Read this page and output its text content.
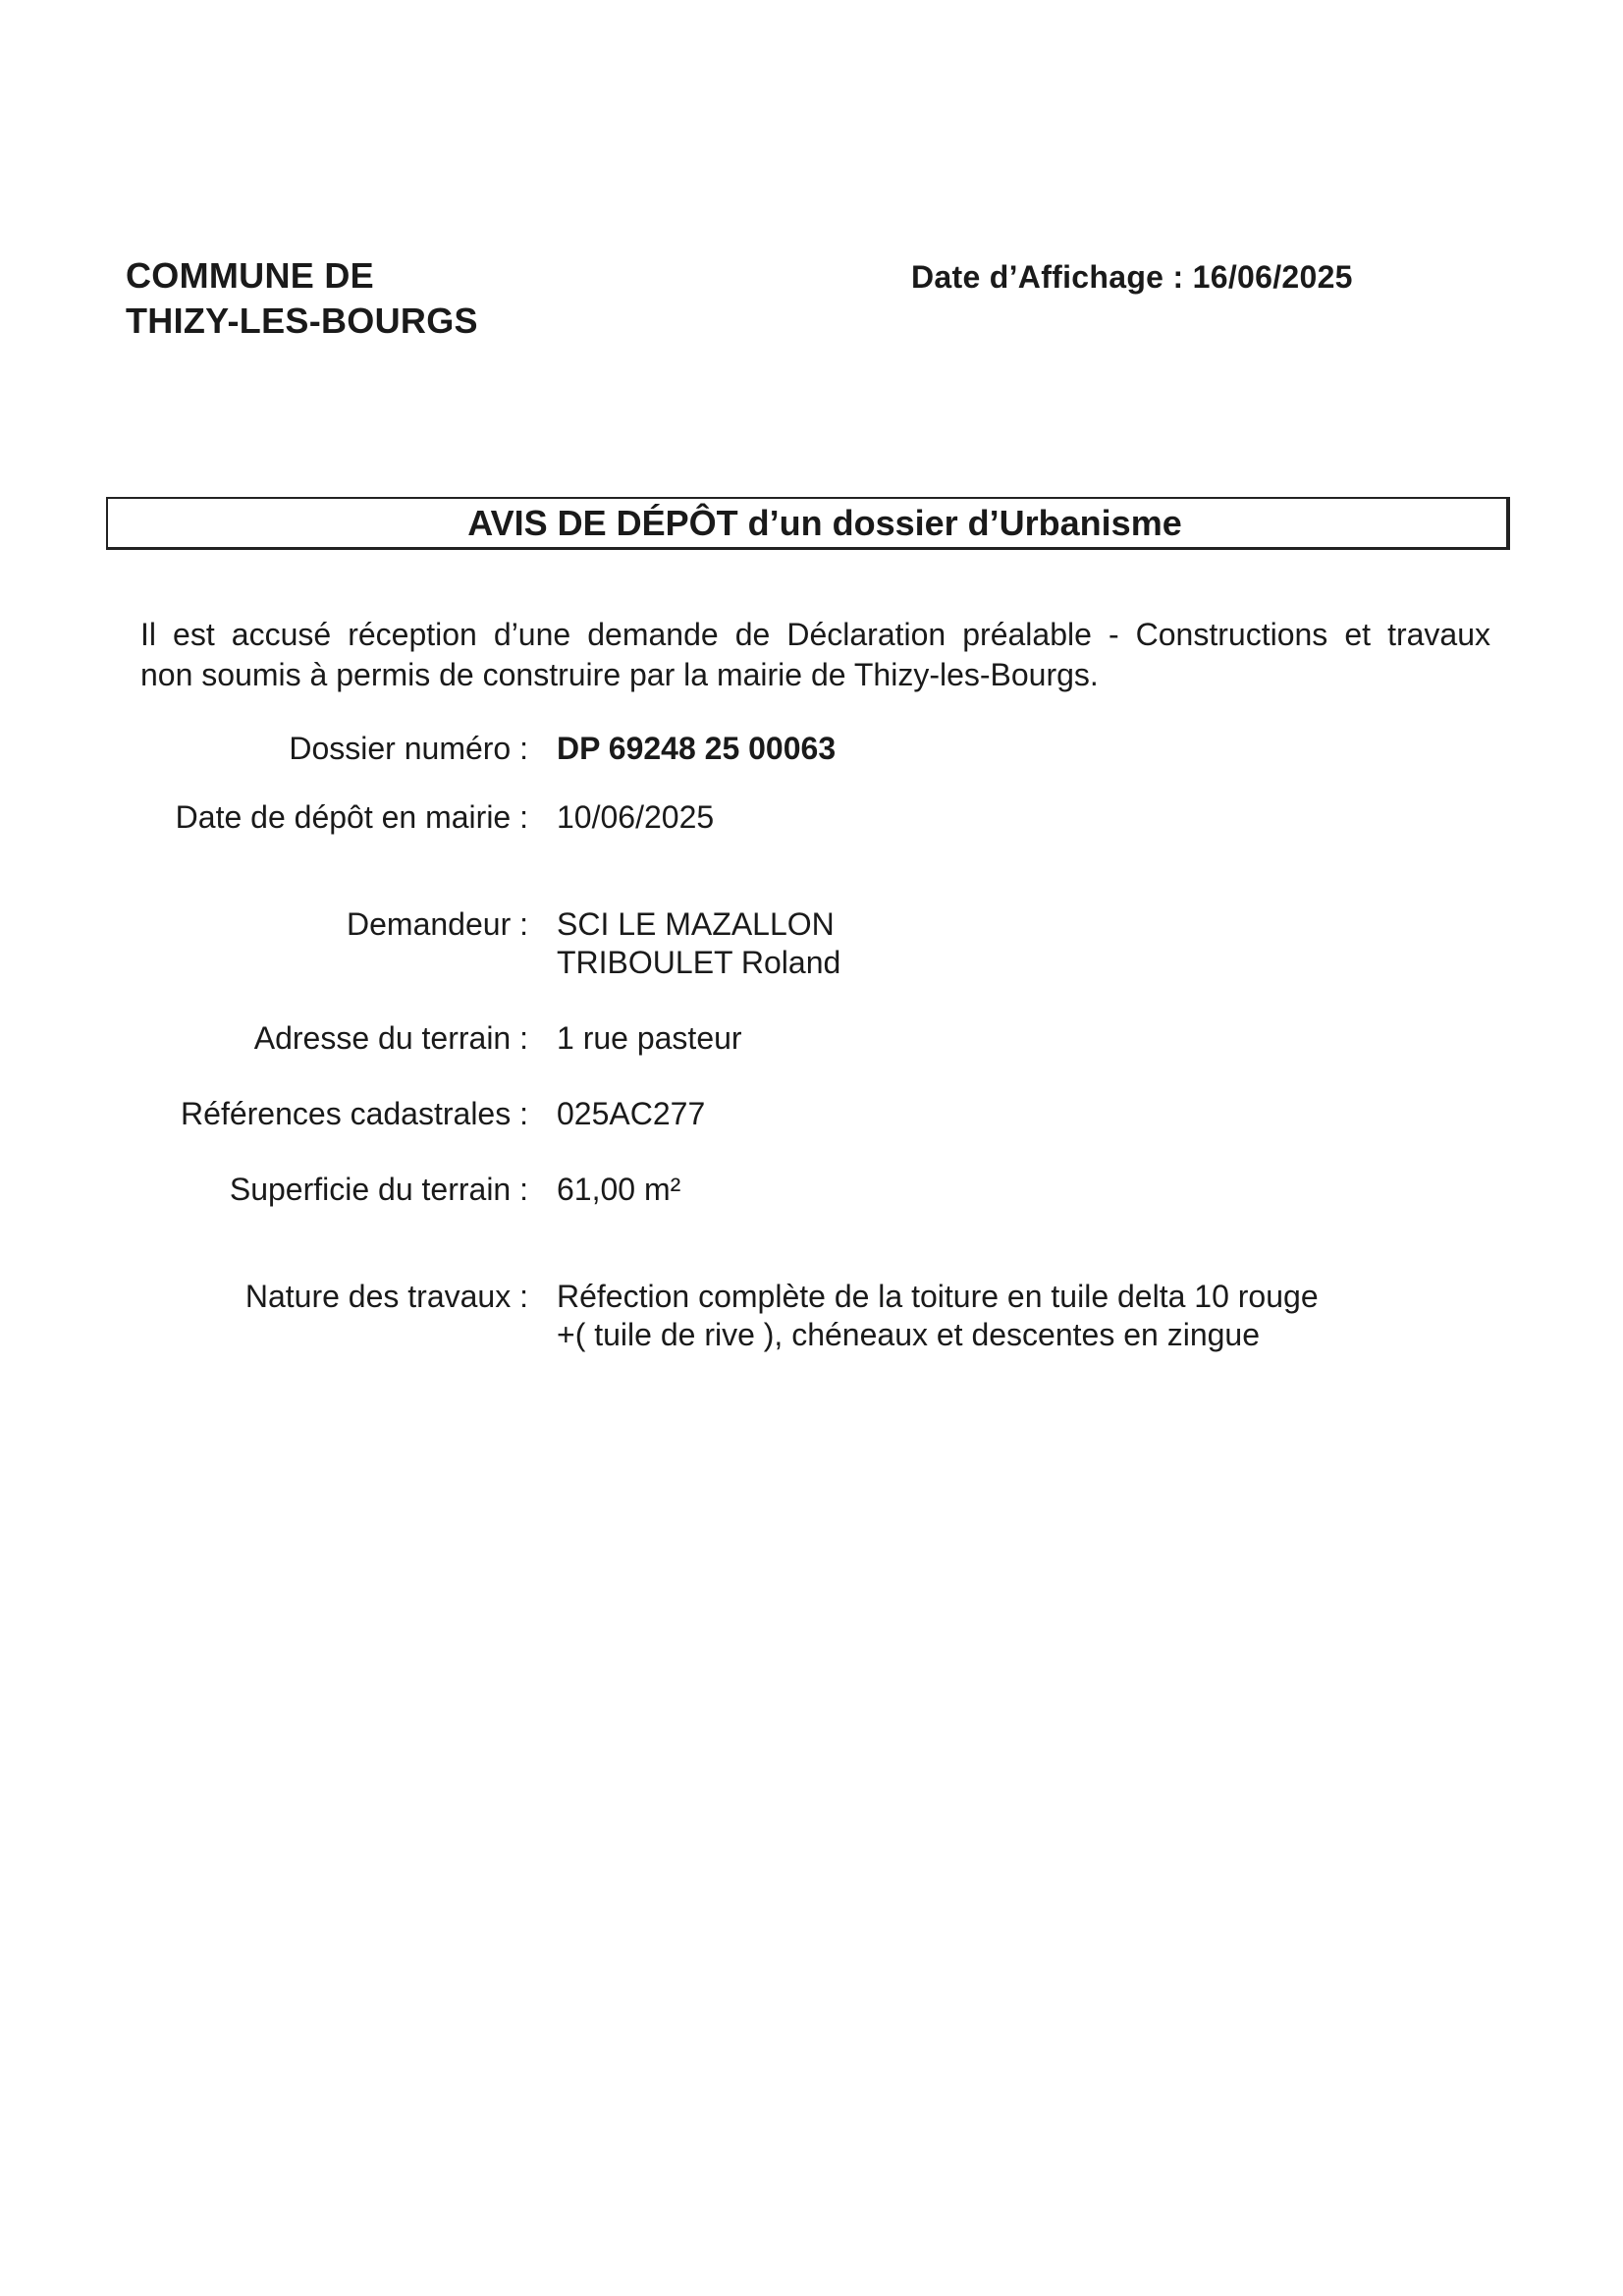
COMMUNE DE
THIZY-LES-BOURGS
Date d’Affichage : 16/06/2025
AVIS DE DÉPÔT d’un dossier d’Urbanisme
Il est accusé réception d’une demande de Déclaration préalable - Constructions et travaux
non soumis à permis de construire par la mairie de Thizy-les-Bourgs.
Dossier numéro : DP 69248 25 00063
Date de dépôt en mairie : 10/06/2025
Demandeur : SCI LE MAZALLON
TRIBOULET Roland
Adresse du terrain : 1 rue pasteur
Références cadastrales : 025AC277
Superficie du terrain : 61,00 m²
Nature des travaux : Réfection complète de la toiture en tuile delta 10 rouge
+( tuile de rive ), chéneaux et descentes en zingue
